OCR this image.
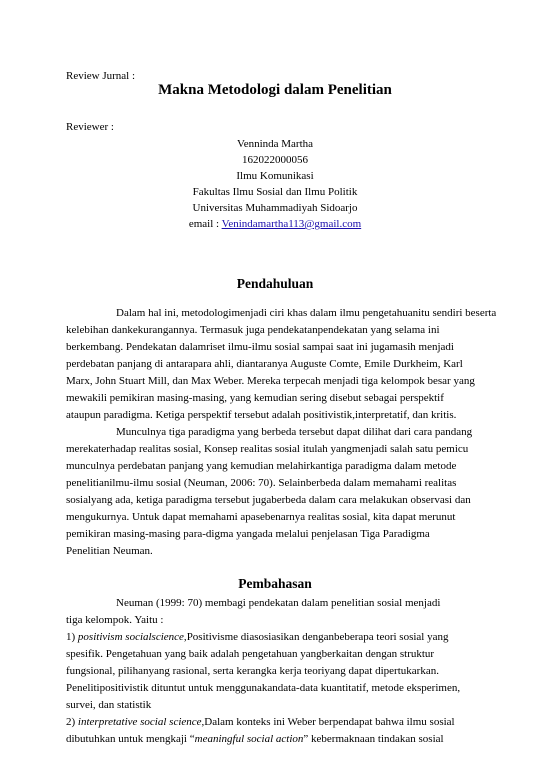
Review Jurnal :
Makna Metodologi dalam Penelitian
Reviewer :
Venninda Martha
162022000056
Ilmu Komunikasi
Fakultas Ilmu Sosial dan Ilmu Politik
Universitas Muhammadiyah Sidoarjo
email : Venindamartha113@gmail.com
Pendahuluan
Dalam hal ini, metodologimenjadi ciri khas dalam ilmu pengetahuanitu sendiri beserta
kelebihan dankekurangannya. Termasuk juga pendekatanpendekatan yang selama ini
berkembang. Pendekatan dalamriset ilmu-ilmu sosial sampai saat ini jugamasih menjadi
perdebatan panjang di antarapara ahli, diantaranya Auguste Comte, Emile Durkheim, Karl
Marx, John Stuart Mill, dan Max Weber. Mereka terpecah menjadi tiga kelompok besar yang
mewakili pemikiran masing-masing, yang kemudian sering disebut sebagai perspektif
ataupun paradigma. Ketiga perspektif tersebut adalah positivistik,interpretatif, dan kritis.
Munculnya tiga paradigma yang berbeda tersebut dapat dilihat dari cara pandang
merekaterhadap realitas sosial, Konsep realitas sosial itulah yangmenjadi salah satu pemicu
munculnya perdebatan panjang yang kemudian melahirkantiga paradigma dalam metode
penelitianilmu-ilmu sosial (Neuman, 2006: 70). Selainberbeda dalam memahami realitas
sosialyang ada, ketiga paradigma tersebut jugaberbeda dalam cara melakukan observasi dan
mengukurnya. Untuk dapat memahami apasebenarnya realitas sosial, kita dapat merunut
pemikiran masing-masing para-digma yangada melalui penjelasan Tiga Paradigma
Penelitian Neuman.
Pembahasan
Neuman (1999: 70) membagi pendekatan dalam penelitian sosial menjadi
tiga kelompok. Yaitu :
1) positivism socialscience,Positivisme diasosiasikan denganbeberapa teori sosial yang
spesifik. Pengetahuan yang baik adalah pengetahuan yangberkaitan dengan struktur
fungsional, pilihanyang rasional, serta kerangka kerja teoriyang dapat dipertukarkan.
Penelitipositivistik dituntut untuk menggunakandata-data kuantitatif, metode eksperimen,
survei, dan statistik
2) interpretative social science,Dalam konteks ini Weber berpendapat bahwa ilmu sosial
dibutuhkan untuk mengkaji “meaningful social action” kebermaknaan tindakan sosial
